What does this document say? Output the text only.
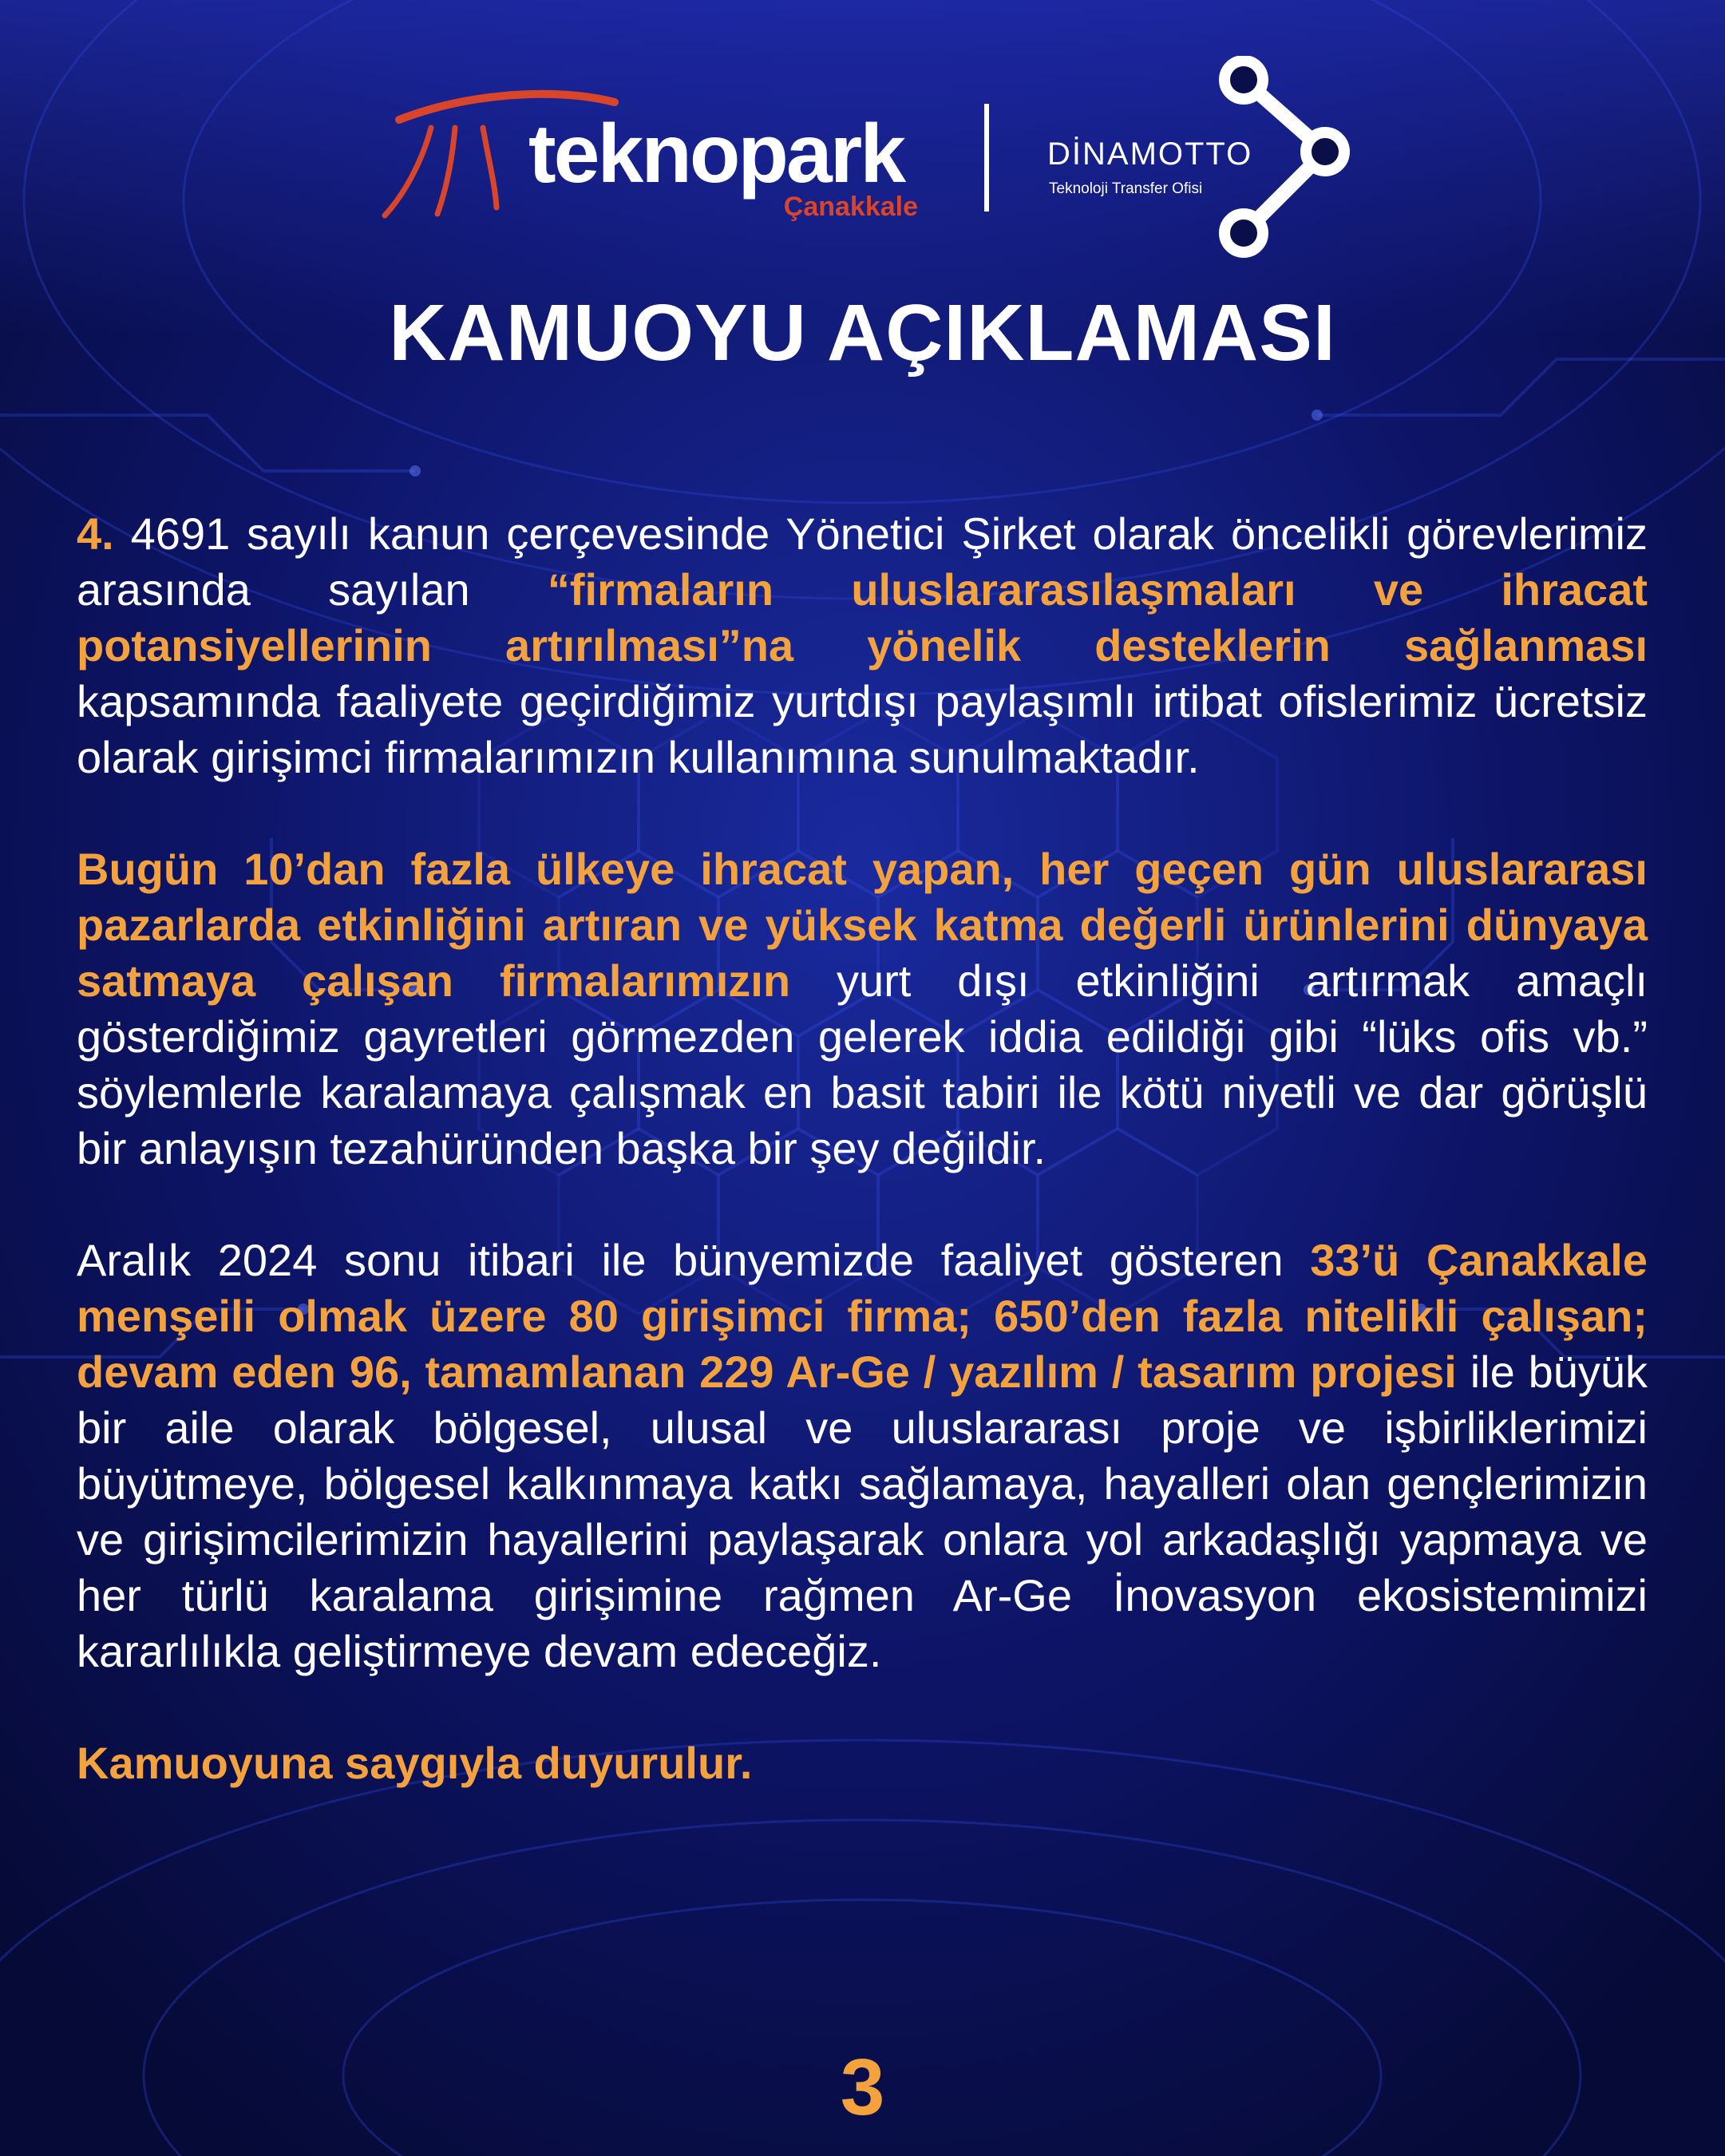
teknopark
Çanakkale
DİNAMOTTO
Teknoloji Transfer Ofisi
KAMUOYU AÇIKLAMASI

4. 4691 sayılı kanun çerçevesinde Yönetici Şirket olarak öncelikli görevlerimiz arasında sayılan “firmaların uluslararasılaşmaları ve ihracat potansiyellerinin artırılması”na yönelik desteklerin sağlanması kapsamında faaliyete geçirdiğimiz yurtdışı paylaşımlı irtibat ofislerimiz ücretsiz olarak girişimci firmalarımızın kullanımına sunulmaktadır.

Bugün 10’dan fazla ülkeye ihracat yapan, her geçen gün uluslararası pazarlarda etkinliğini artıran ve yüksek katma değerli ürünlerini dünyaya satmaya çalışan firmalarımızın yurt dışı etkinliğini artırmak amaçlı gösterdiğimiz gayretleri görmezden gelerek iddia edildiği gibi “lüks ofis vb.” söylemlerle karalamaya çalışmak en basit tabiri ile kötü niyetli ve dar görüşlü bir anlayışın tezahüründen başka bir şey değildir.

Aralık 2024 sonu itibari ile bünyemizde faaliyet gösteren 33’ü Çanakkale menşeili olmak üzere 80 girişimci firma; 650’den fazla nitelikli çalışan; devam eden 96, tamamlanan 229 Ar-Ge / yazılım / tasarım projesi ile büyük bir aile olarak bölgesel, ulusal ve uluslararası proje ve işbirliklerimizi büyütmeye, bölgesel kalkınmaya katkı sağlamaya, hayalleri olan gençlerimizin ve girişimcilerimizin hayallerini paylaşarak onlara yol arkadaşlığı yapmaya ve her türlü karalama girişimine rağmen Ar-Ge İnovasyon ekosistemimizi kararlılıkla geliştirmeye devam edeceğiz.

Kamuoyuna saygıyla duyurulur.

3
